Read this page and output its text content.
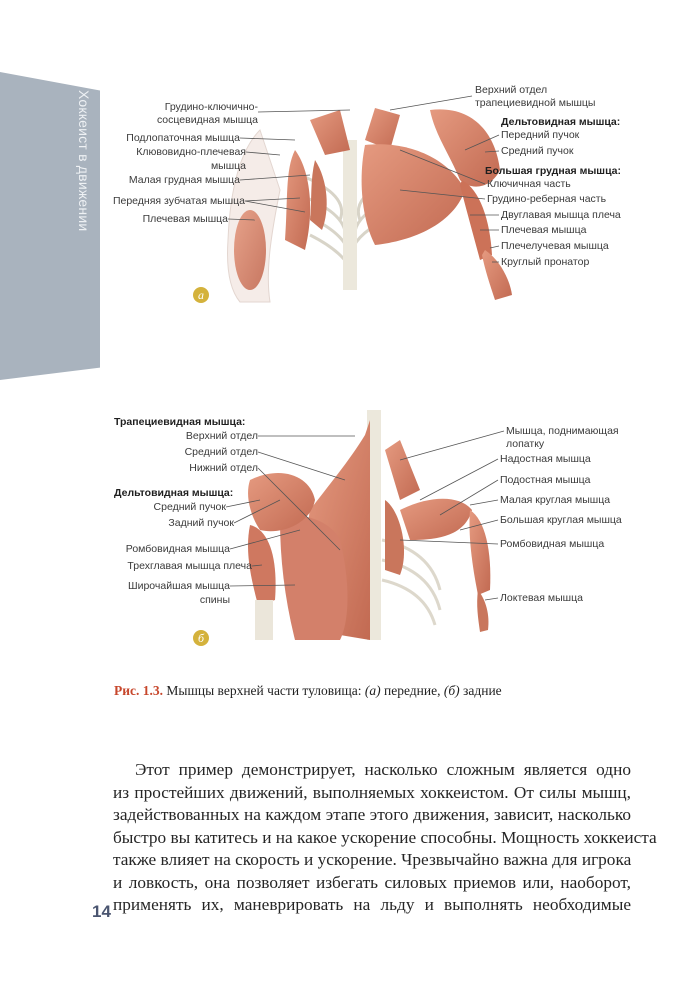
Хоккеист в движении	Грудино-ключично-
сосцевидная мышца
Подлопаточная мышца
Клювовидно-плечевая
мышца
Малая грудная мышца
Передняя зубчатая мышца
Плечевая мышца
Верхний отдел
трапециевидной мышцы
Дельтовидная мышца:
Передний пучок
Средний пучок
Большая грудная мышца:
Ключичная часть
Грудино-реберная часть
Двуглавая мышца плеча
Плечевая мышца
Плечелучевая мышца
Круглый пронатор
а
Трапециевидная мышца:
Верхний отдел
Средний отдел
Нижний отдел
Дельтовидная мышца:
Средний пучок
Задний пучок
Ромбовидная мышца
Трехглавая мышца плеча
Широчайшая мышца
спины
Мышца, поднимающая
лопатку
Надостная мышца
Подостная мышца
Малая круглая мышца
Большая круглая мышца
Ромбовидная мышца
Локтевая мышца
б
Рис. 1.3. Мышцы верхней части туловища: (а) передние, (б) задние
Этот пример демонстрирует, насколько сложным является одно
из простейших движений, выполняемых хоккеистом. От силы мышц,
задействованных на каждом этапе этого движения, зависит, насколько
быстро вы катитесь и на какое ускорение способны. Мощность хоккеиста
также влияет на скорость и ускорение. Чрезвычайно важна для игрока
и ловкость, она позволяет избегать силовых приемов или, наоборот,
применять их, маневрировать на льду и выполнять необходимые
14
